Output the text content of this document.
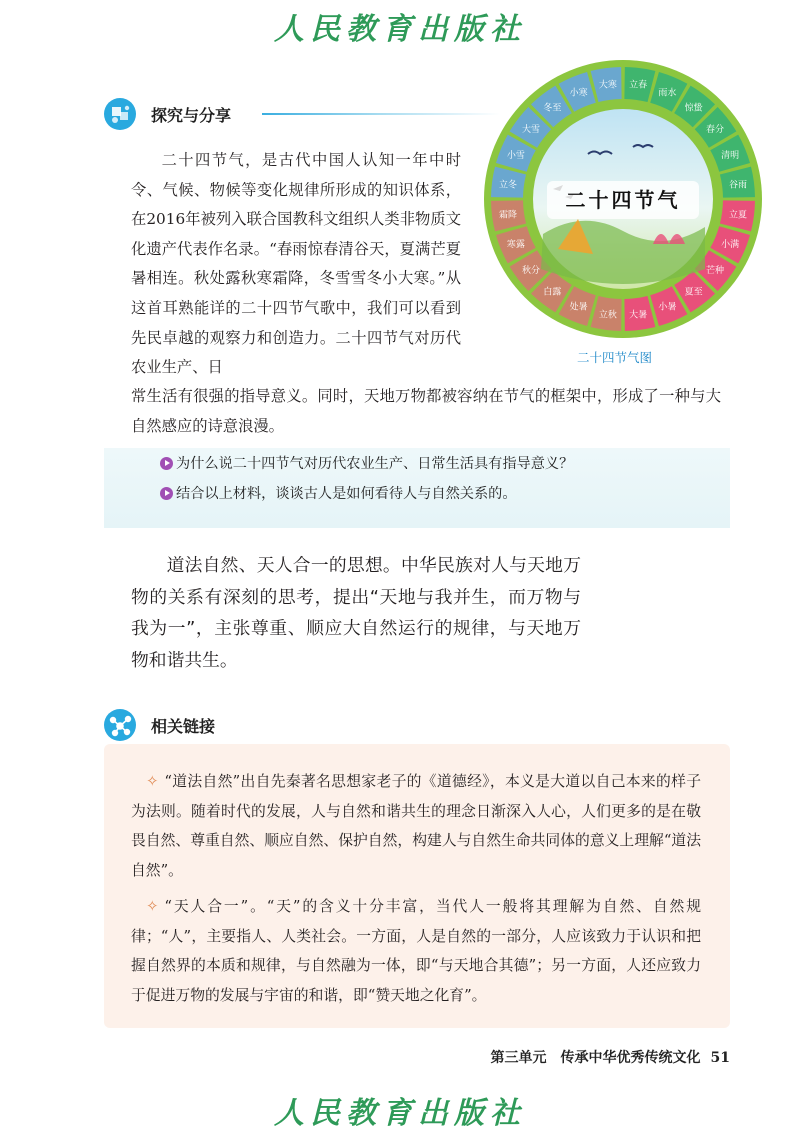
人民教育出版社
探究与分享

二十四节气，是古代中国人认知一年中时令、气候、物候等变化规律所形成的知识体系，在2016年被列入联合国教科文组织人类非物质文化遗产代表作名录。“春雨惊春清谷天，夏满芒夏暑相连。秋处露秋寒霜降，冬雪雪冬小大寒。”从这首耳熟能详的二十四节气歌中，我们可以看到先民卓越的观察力和创造力。二十四节气对历代农业生产、日

常生活有很强的指导意义。同时，天地万物都被容纳在节气的框架中，形成了一种与大自然感应的诗意浪漫。

立春
雨水
惊蛰
春分
清明
谷雨
立夏
小满
芒种
夏至
小暑
大暑
立秋
处暑
白露
秋分
寒露
霜降
立冬
小雪
大雪
冬至
小寒
大寒
二十四节气
二十四节气图
为什么说二十四节气对历代农业生产、日常生活具有指导意义？
结合以上材料，谈谈古人是如何看待人与自然关系的。

道法自然、天人合一的思想。中华民族对人与天地万物的关系有深刻的思考，提出“天地与我并生，而万物与我为一”，主张尊重、顺应大自然运行的规律，与天地万物和谐共生。

相关链接

✧ “道法自然”出自先秦著名思想家老子的《道德经》，本义是大道以自己本来的样子为法则。随着时代的发展，人与自然和谐共生的理念日渐深入人心，人们更多的是在敬畏自然、尊重自然、顺应自然、保护自然，构建人与自然生命共同体的意义上理解“道法自然”。

✧ “天人合一”。“天”的含义十分丰富，当代人一般将其理解为自然、自然规律；“人”，主要指人、人类社会。一方面，人是自然的一部分，人应该致力于认识和把握自然界的本质和规律，与自然融为一体，即“与天地合其德”；另一方面，人还应致力于促进万物的发展与宇宙的和谐，即“赞天地之化育”。

第三单元　传承中华优秀传统文化 51
人民教育出版社
